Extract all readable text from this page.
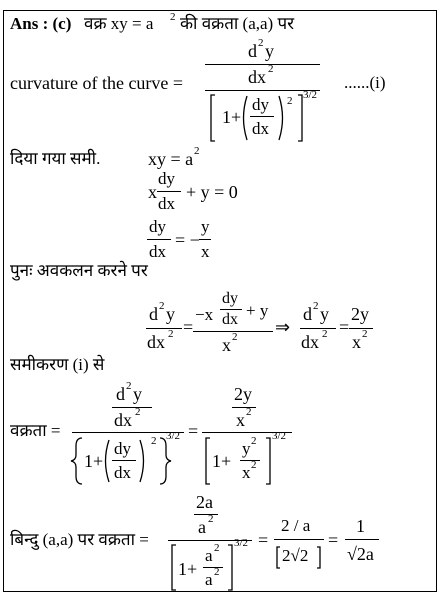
Ans : (c) वक्र xy = a 2 की वक्रता (a,a) पर
curvature of the curve =
d 2 y
dx 2
1+
dy
dx
2 3/2
......(i)
दिया गया समी.	xy = a 2
x
dy
dx
+ y = 0
dy
dx
= −
y
x
पुनः अवकलन करने पर
d 2 y
dx 2 =
−x
dy
dx + y
x 2 ⇒
d 2 y
dx 2 =
2y
x 2
समीकरण (i) से
वक्रता =
d 2 y
dx 2
1+
dy
dx
2 3/2 =
2y
x 2
1+
y 2
x 2
3/2
बिन्दु (a,a) पर वक्रता =
2a
a 2
1+
a 2
a 2
3/2 =
2 / a
2√2
=
1
√2a
